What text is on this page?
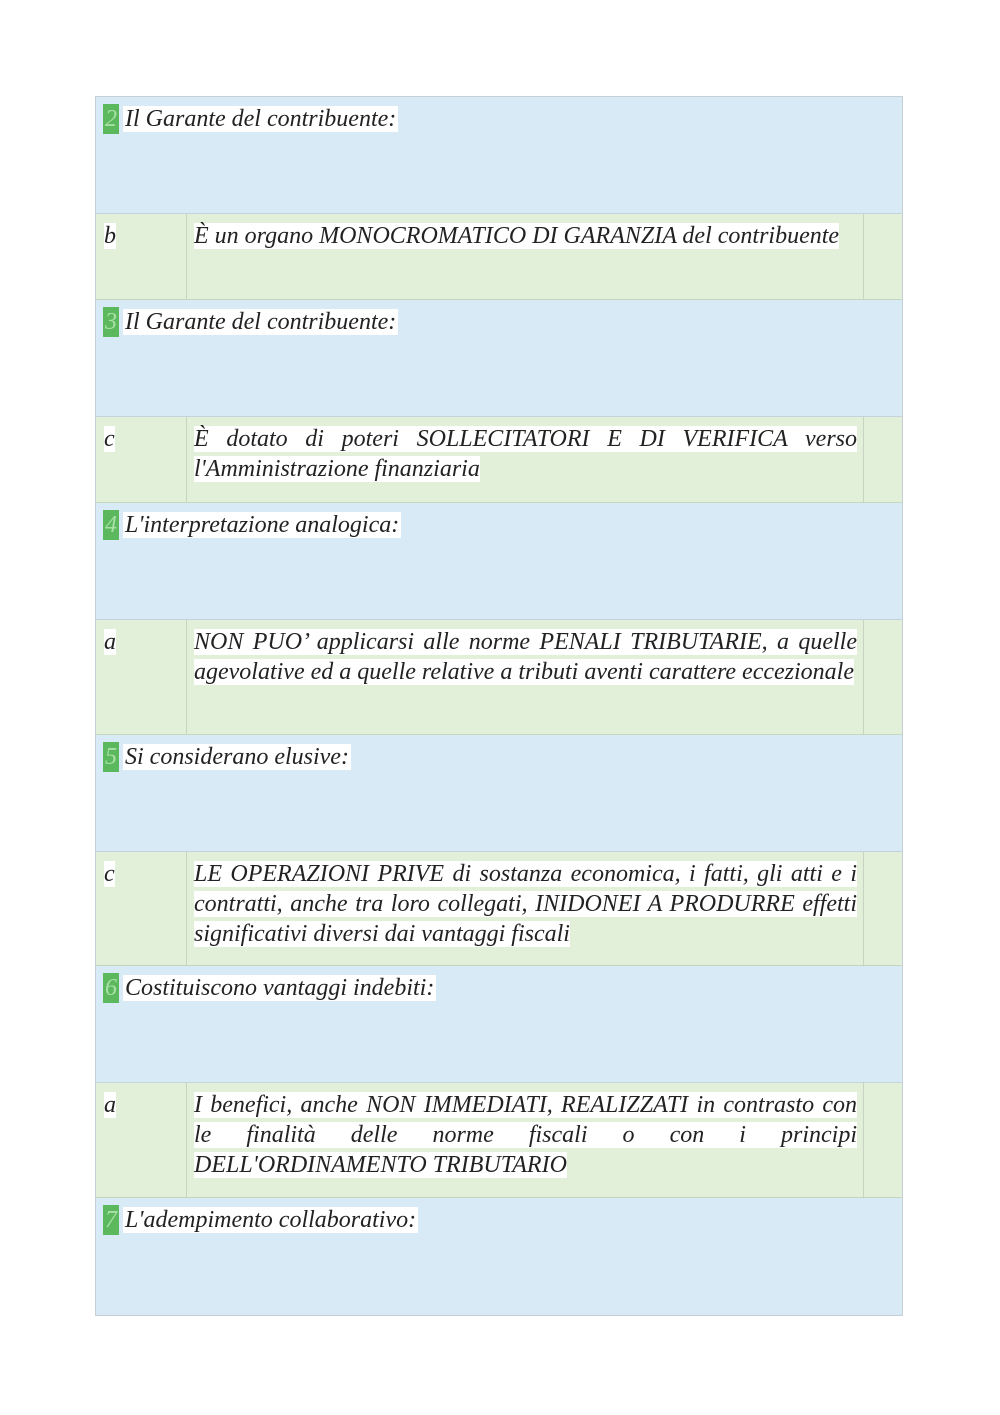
2 Il Garante del contribuente:
b	È un organo MONOCROMATICO DI GARANZIA del contribuente
3 Il Garante del contribuente:
c	È dotato di poteri SOLLECITATORI E DI VERIFICA verso l'Amministrazione finanziaria
4 L'interpretazione analogica:
a	NON PUO’ applicarsi alle norme PENALI TRIBUTARIE, a quelle agevolative ed a quelle relative a tributi aventi carattere eccezionale
5 Si considerano elusive:
c	LE OPERAZIONI PRIVE di sostanza economica, i fatti, gli atti e i contratti, anche tra loro collegati, INIDONEI A PRODURRE effetti significativi diversi dai vantaggi fiscali
6 Costituiscono vantaggi indebiti:
a	I benefici, anche NON IMMEDIATI, REALIZZATI in contrasto con le finalità delle norme fiscali o con i principi DELL'ORDINAMENTO TRIBUTARIO
7 L'adempimento collaborativo:
